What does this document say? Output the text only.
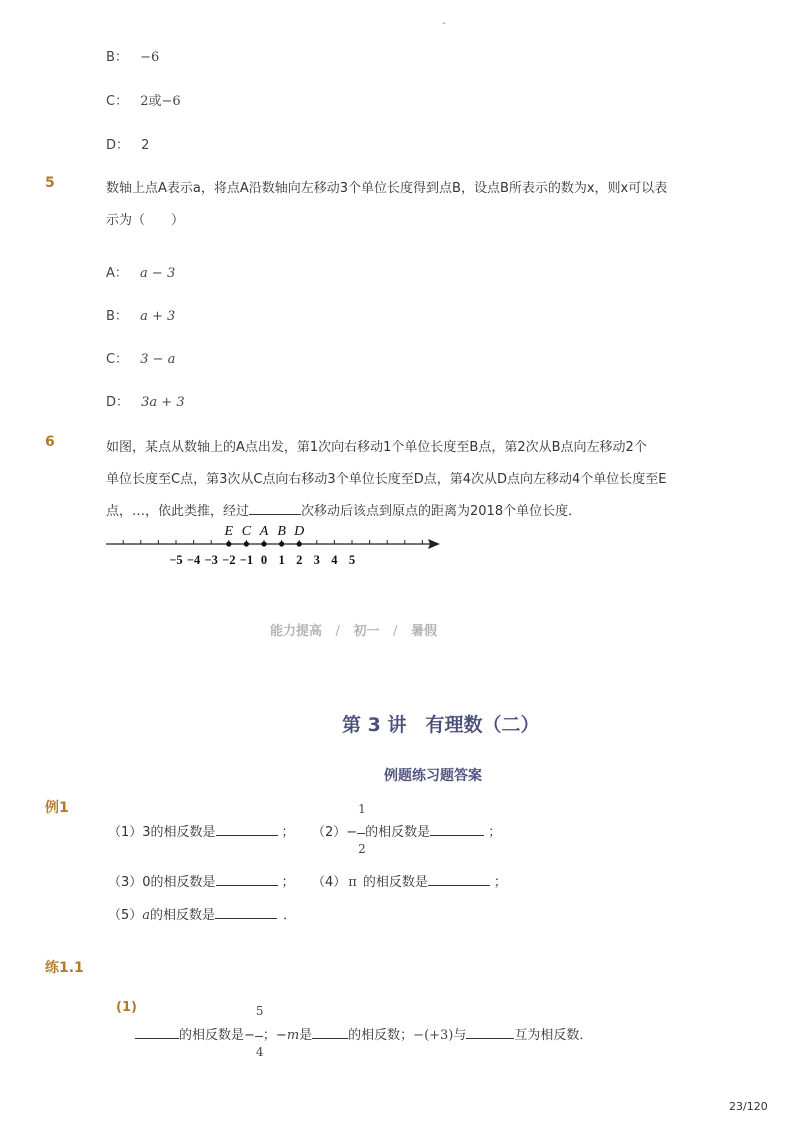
-
B： −6
C： 2或−6
D： 2
5	数轴上点A表示a，将点A沿数轴向左移动3个单位长度得到点B，设点B所表示的数为x，则x可以表
示为（　　）
A： a − 3
B： a + 3
C： 3 − a
D： 3a + 3
6	如图，某点从数轴上的A点出发，第1次向右移动1个单位长度至B点，第2次从B点向左移动2个
单位长度至C点，第3次从C点向右移动3个单位长度至D点，第4次从D点向左移动4个单位长度至E
点，…，依此类推，经过	次移动后该点到原点的距离为2018个单位长度．
E C A B D
−5 −4 −3 −2 −1 0 1 2 3 4 5
能力提高 / 初一 / 暑假
第 3 讲　有理数（二）
例题练习题答案
例1
（1）3的相反数是	； $(2)- \frac{1}{2}$ 的相反数是	；
（3）0的相反数是	； （4） π 的相反数是	；
（5）a的相反数是	．
练1.1
(1)
的相反数是− $\frac{5}{4}$ ；−m是	的相反数；−(+3)与	互为相反数．
23/120
